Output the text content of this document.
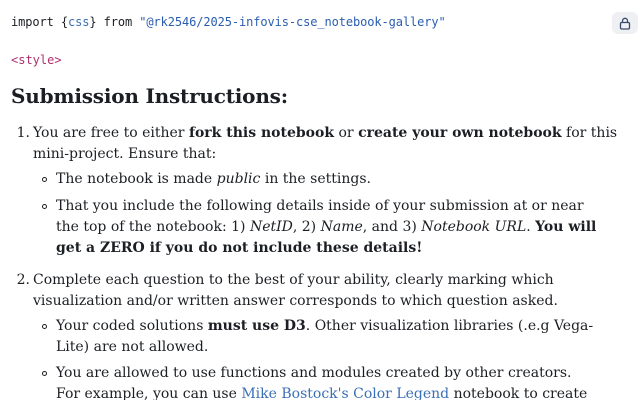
import {css} from "@rk2546/2025-infovis-cse_notebook-gallery"
<style>
Submission Instructions:
1. You are free to either fork this notebook or create your own notebook for this
mini-project. Ensure that:
The notebook is made public in the settings.
That you include the following details inside of your submission at or near
the top of the notebook: 1) NetID, 2) Name, and 3) Notebook URL. You will
get a ZERO if you do not include these details!
2. Complete each question to the best of your ability, clearly marking which
visualization and/or written answer corresponds to which question asked.
Your coded solutions must use D3. Other visualization libraries (.e.g Vega-
Lite) are not allowed.
You are allowed to use functions and modules created by other creators.
For example, you can use Mike Bostock's Color Legend notebook to create
